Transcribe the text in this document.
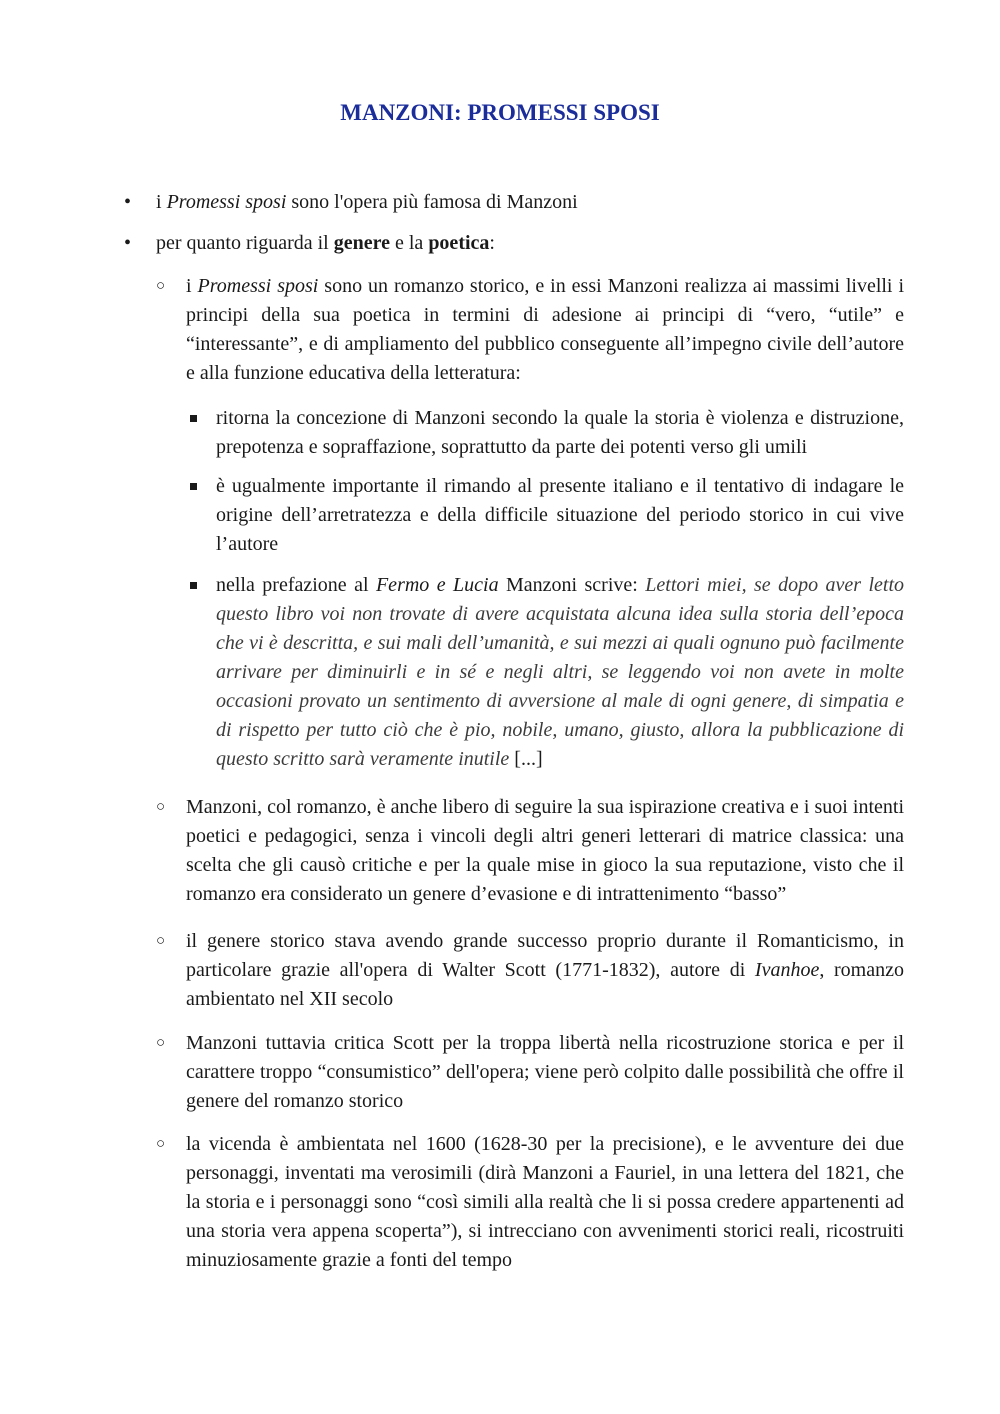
MANZONI: PROMESSI SPOSI
• i Promessi sposi sono l'opera più famosa di Manzoni
• per quanto riguarda il genere e la poetica:
○ i Promessi sposi sono un romanzo storico, e in essi Manzoni realizza ai massimi livelli i principi della sua poetica in termini di adesione ai principi di “vero, “utile” e “interessante”, e di ampliamento del pubblico conseguente all’impegno civile dell’autore e alla funzione educativa della letteratura:
ritorna la concezione di Manzoni secondo la quale la storia è violenza e distruzione, prepotenza e sopraffazione, soprattutto da parte dei potenti verso gli umili
è ugualmente importante il rimando al presente italiano e il tentativo di indagare le origine dell’arretratezza e della difficile situazione del periodo storico in cui vive l’autore
nella prefazione al Fermo e Lucia Manzoni scrive: Lettori miei, se dopo aver letto questo libro voi non trovate di avere acquistata alcuna idea sulla storia dell’epoca che vi è descritta, e sui mali dell’umanità, e sui mezzi ai quali ognuno può facilmente arrivare per diminuirli e in sé e negli altri, se leggendo voi non avete in molte occasioni provato un sentimento di avversione al male di ogni genere, di simpatia e di rispetto per tutto ciò che è pio, nobile, umano, giusto, allora la pubblicazione di questo scritto sarà veramente inutile [...]
○ Manzoni, col romanzo, è anche libero di seguire la sua ispirazione creativa e i suoi intenti poetici e pedagogici, senza i vincoli degli altri generi letterari di matrice classica: una scelta che gli causò critiche e per la quale mise in gioco la sua reputazione, visto che il romanzo era considerato un genere d’evasione e di intrattenimento “basso”
○ il genere storico stava avendo grande successo proprio durante il Romanticismo, in particolare grazie all'opera di Walter Scott (1771-1832), autore di Ivanhoe, romanzo ambientato nel XII secolo
○ Manzoni tuttavia critica Scott per la troppa libertà nella ricostruzione storica e per il carattere troppo “consumistico” dell'opera; viene però colpito dalle possibilità che offre il genere del romanzo storico
○ la vicenda è ambientata nel 1600 (1628-30 per la precisione), e le avventure dei due personaggi, inventati ma verosimili (dirà Manzoni a Fauriel, in una lettera del 1821, che la storia e i personaggi sono “così simili alla realtà che li si possa credere appartenenti ad una storia vera appena scoperta”), si intrecciano con avvenimenti storici reali, ricostruiti minuziosamente grazie a fonti del tempo
